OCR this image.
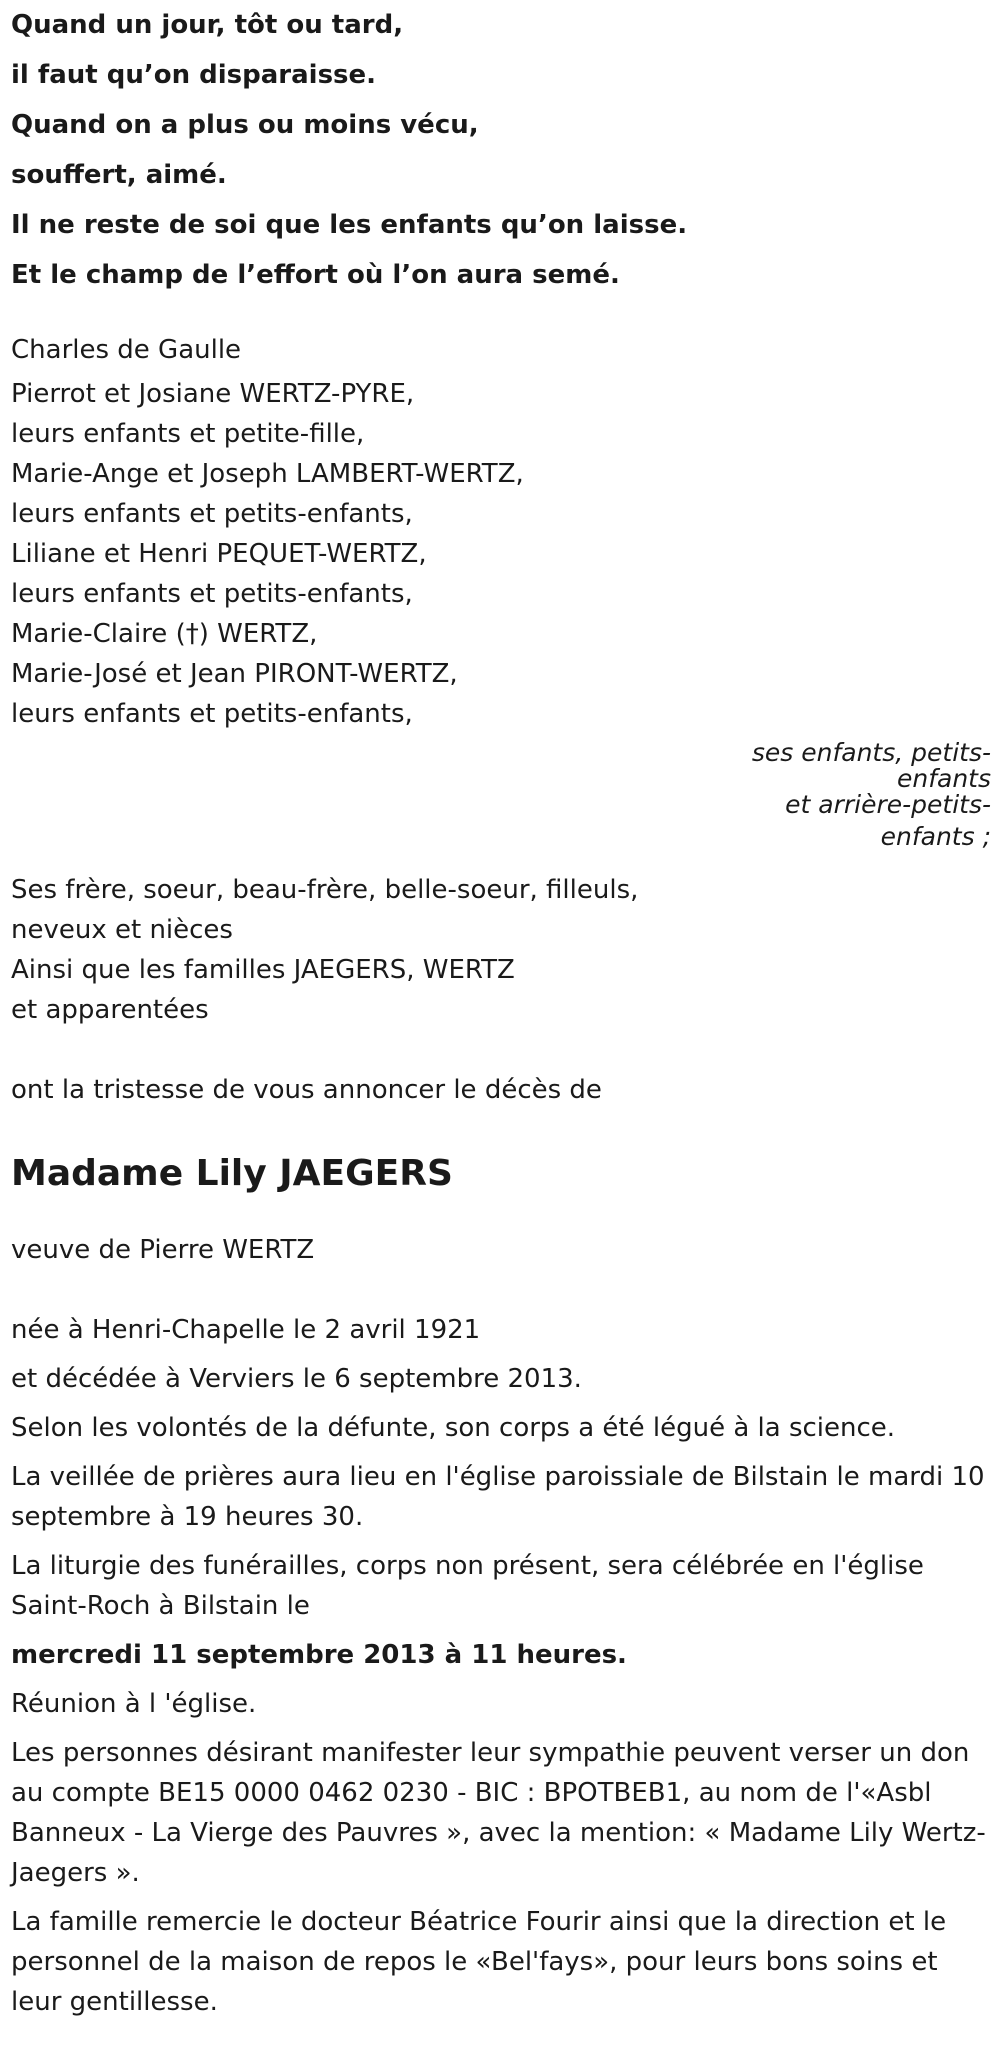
Quand un jour, tôt ou tard,

il faut qu’on disparaisse.

Quand on a plus ou moins vécu,

souffert, aimé.

Il ne reste de soi que les enfants qu’on laisse.

Et le champ de l’effort où l’on aura semé.

Charles de Gaulle

Pierrot et Josiane WERTZ-PYRE,

leurs enfants et petite-fille,

Marie-Ange et Joseph LAMBERT-WERTZ,

leurs enfants et petits-enfants,

Liliane et Henri PEQUET-WERTZ,

leurs enfants et petits-enfants,

Marie-Claire (†) WERTZ,

Marie-José et Jean PIRONT-WERTZ,

leurs enfants et petits-enfants,

ses enfants, petits-
enfants
et arrière-petits-
enfants ;

Ses frère, soeur, beau-frère, belle-soeur, filleuls,

neveux et nièces

Ainsi que les familles JAEGERS, WERTZ

et apparentées

ont la tristesse de vous annoncer le décès de

Madame Lily JAEGERS

veuve de Pierre WERTZ

née à Henri-Chapelle le 2 avril 1921

et décédée à Verviers le 6 septembre 2013.

Selon les volontés de la défunte, son corps a été légué à la science.

La veillée de prières aura lieu en l'église paroissiale de Bilstain le mardi 10 septembre à 19 heures 30.

La liturgie des funérailles, corps non présent, sera célébrée en l'église Saint-Roch à Bilstain le

mercredi 11 septembre 2013 à 11 heures.

Réunion à l 'église.

Les personnes désirant manifester leur sympathie peuvent verser un don au compte BE15 0000 0462 0230 - BIC : BPOTBEB1, au nom de l'«Asbl Banneux - La Vierge des Pauvres », avec la mention: « Madame Lily Wertz-Jaegers ».

La famille remercie le docteur Béatrice Fourir ainsi que la direction et le personnel de la maison de repos le «Bel'fays», pour leurs bons soins et leur gentillesse.
